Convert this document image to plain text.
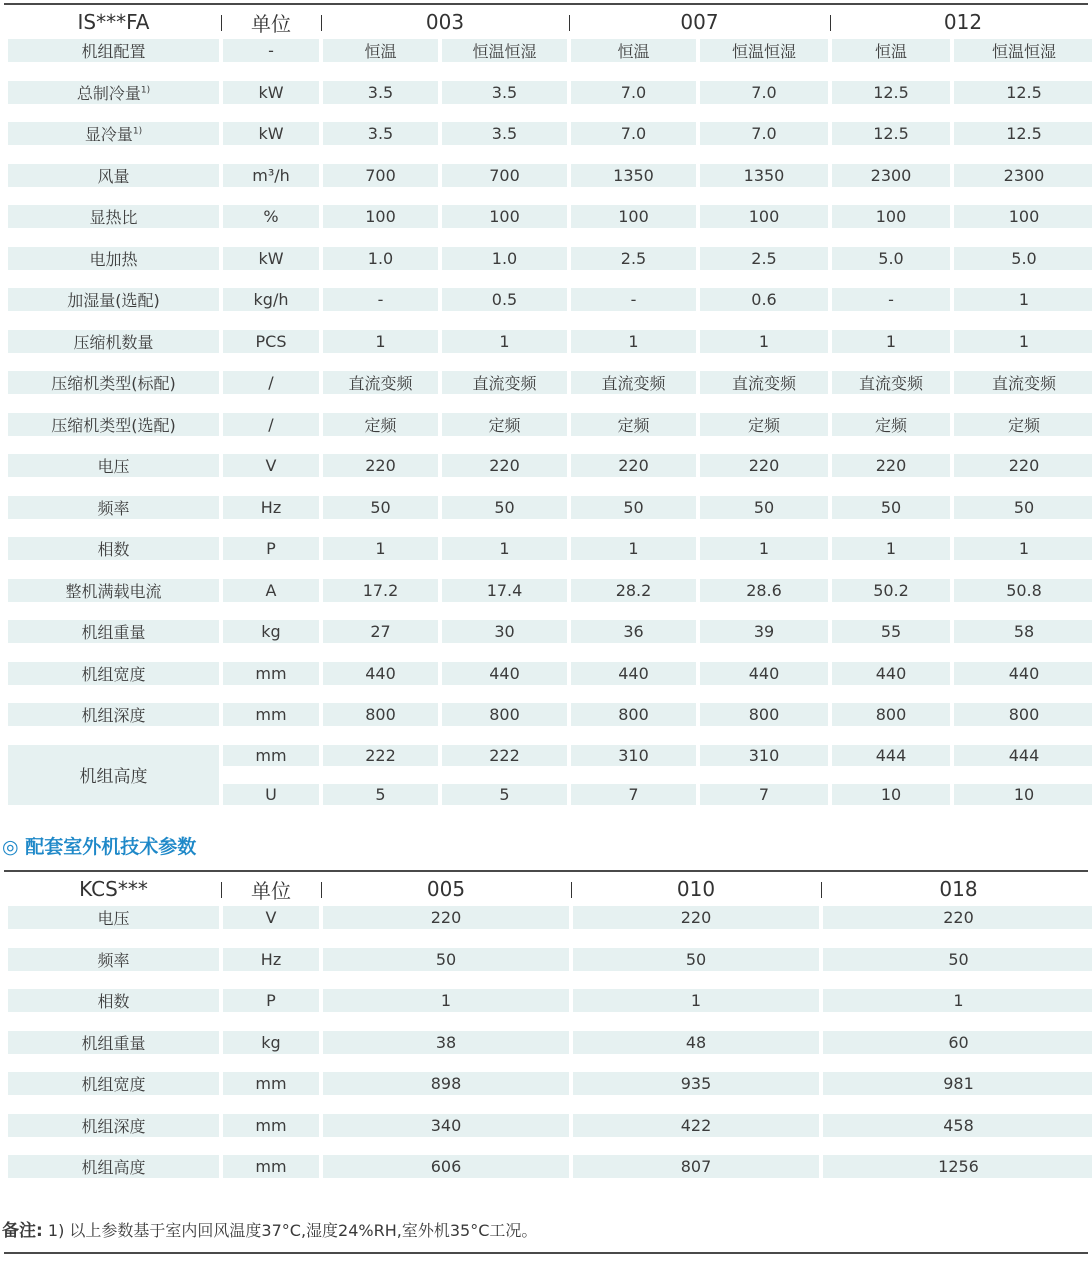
IS***FA	单位	003		007		012	
机组配置	-	恒温	恒温恒湿	恒温	恒温恒湿	恒温	恒温恒湿

总制冷量$^{1)}$	kW	3.5	3.5	7.0	7.0	12.5	12.5

显冷量$^{1)}$	kW	3.5	3.5	7.0	7.0	12.5	12.5

风量	m³/h	700	700	1350	1350	2300	2300

显热比	%	100	100	100	100	100	100

电加热	kW	1.0	1.0	2.5	2.5	5.0	5.0

加湿量(选配)	kg/h	-	0.5	-	0.6	-	1

压缩机数量	PCS	1	1	1	1	1	1

压缩机类型(标配)	/	直流变频	直流变频	直流变频	直流变频	直流变频	直流变频

压缩机类型(选配)	/	定频	定频	定频	定频	定频	定频

电压	V	220	220	220	220	220	220

频率	Hz	50	50	50	50	50	50

相数	P	1	1	1	1	1	1

整机满载电流	A	17.2	17.4	28.2	28.6	50.2	50.8

机组重量	kg	27	30	36	39	55	58

机组宽度	mm	440	440	440	440	440	440

机组深度	mm	800	800	800	800	800	800

机组高度	mm	222	222	310	310	444	444

	U	5	5	7	7	10	10
◎ 配套室外机技术参数
KCS***	单位	005	010	018
电压	V	220	220	220

频率	Hz	50	50	50

相数	P	1	1	1

机组重量	kg	38	48	60

机组宽度	mm	898	935	981

机组深度	mm	340	422	458

机组高度	mm	606	807	1256
备注: 1) 以上参数基于室内回风温度37°C,湿度24%RH,室外机35°C工况。
